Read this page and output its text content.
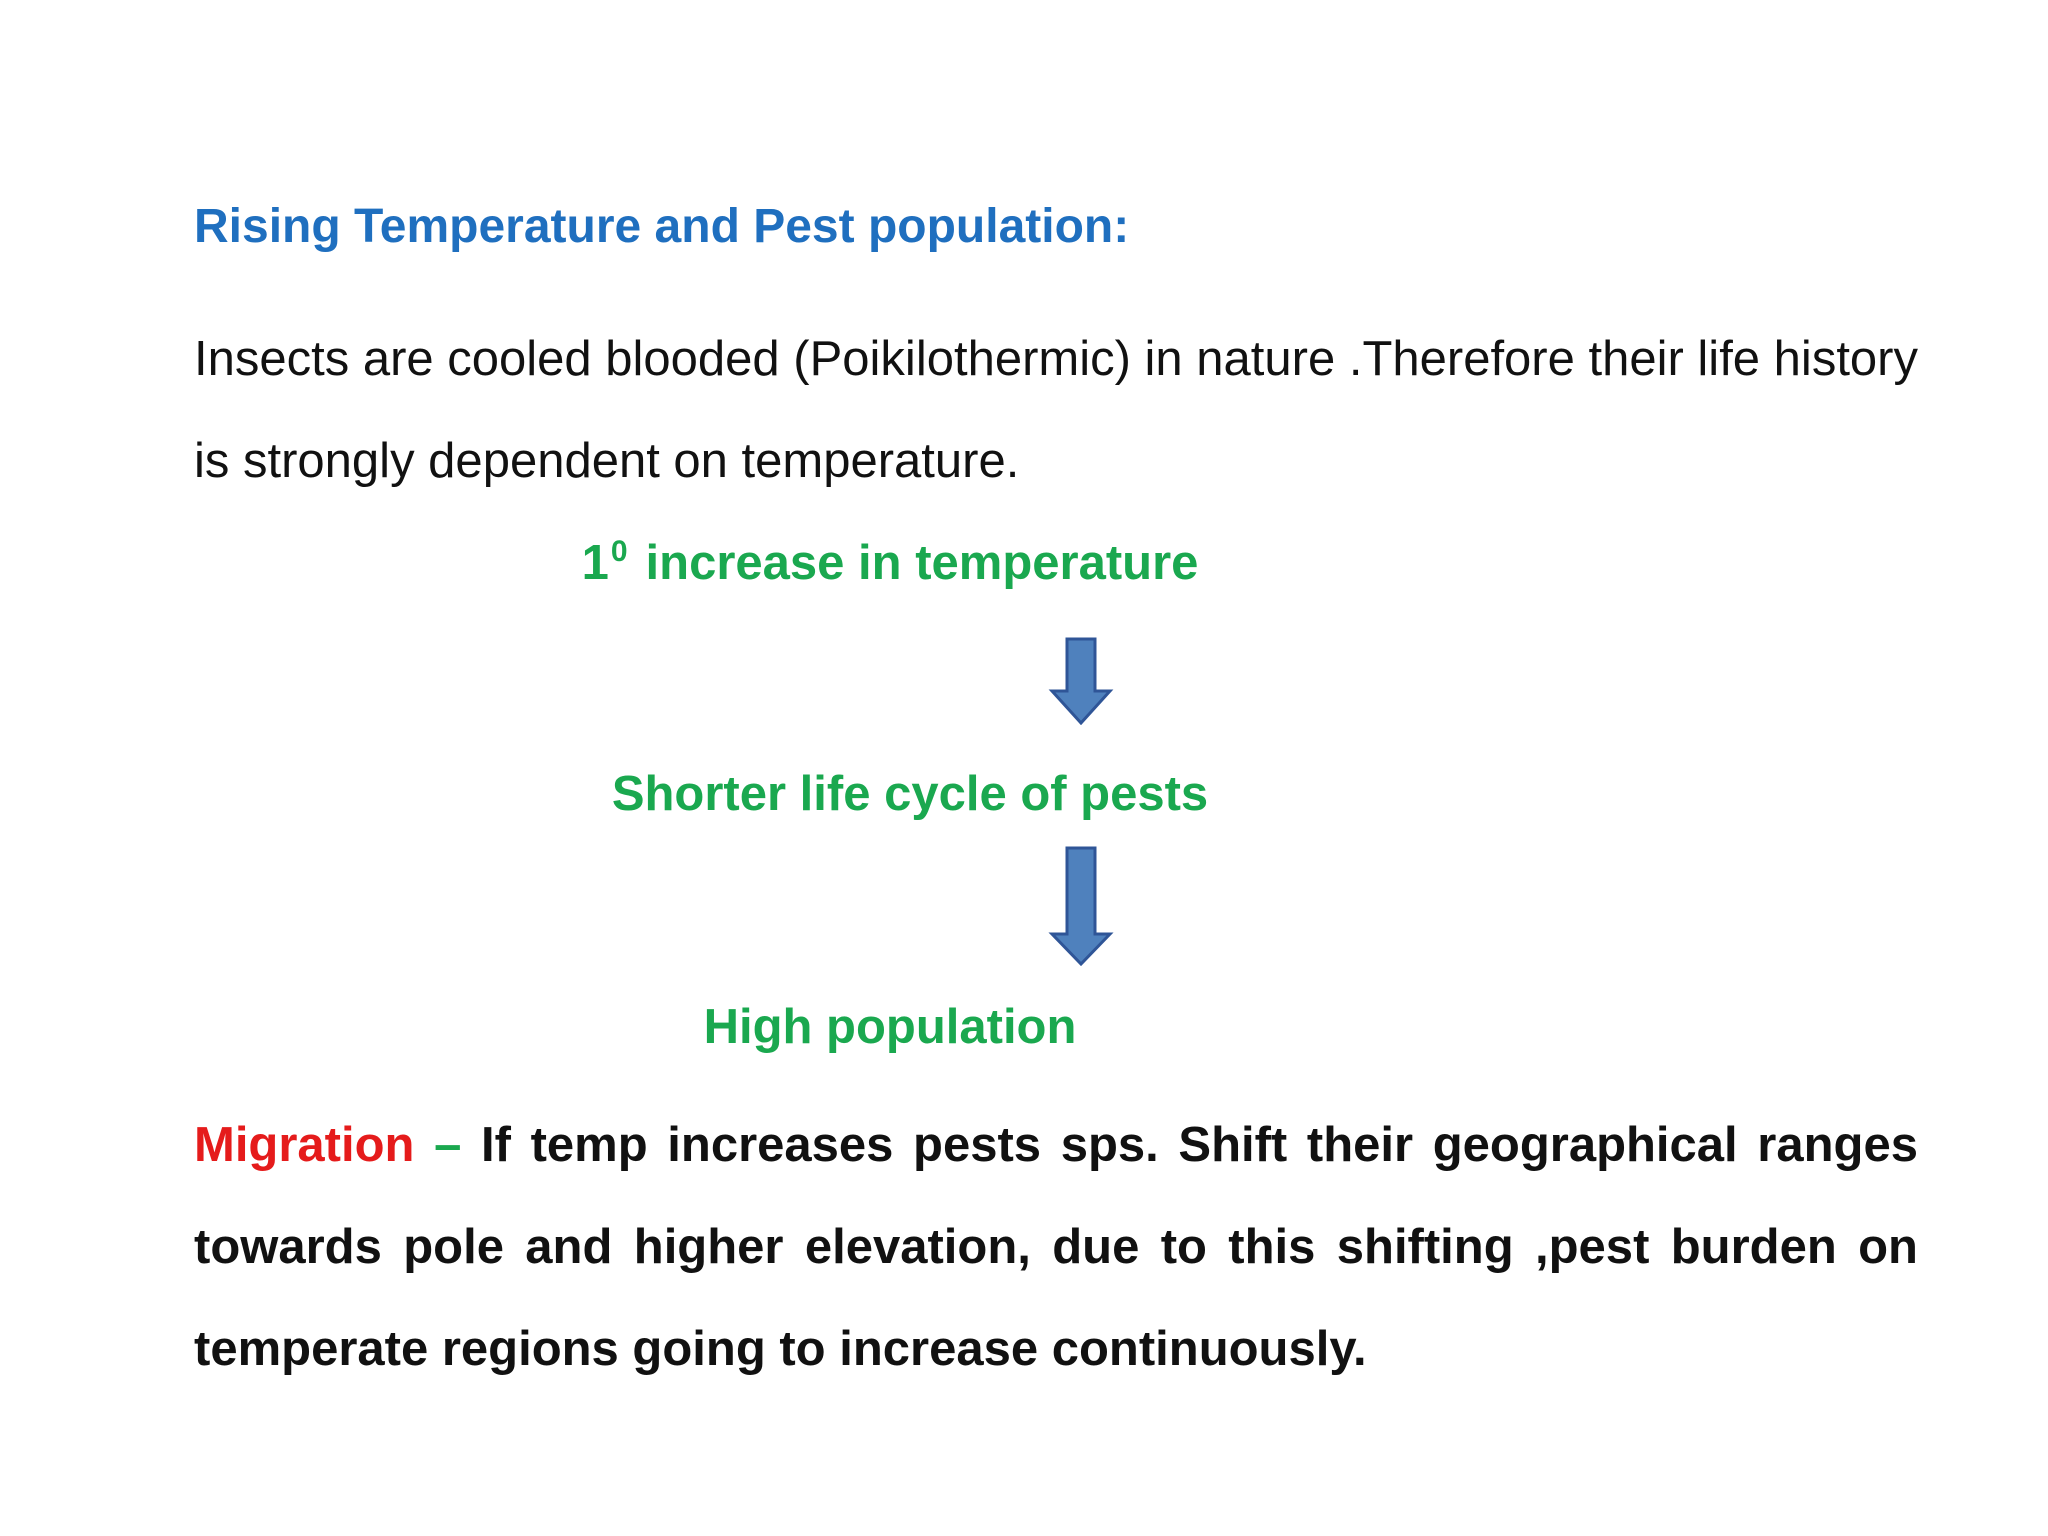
Rising Temperature and Pest population:
Insects are cooled blooded (Poikilothermic) in nature .Therefore their life history is strongly dependent on temperature.
$1^0$ increase in temperature
Shorter life cycle of pests
High population
Migration – If temp increases pests sps. Shift their geographical ranges towards pole and higher elevation, due to this shifting ,pest burden on temperate regions going to increase continuously.
